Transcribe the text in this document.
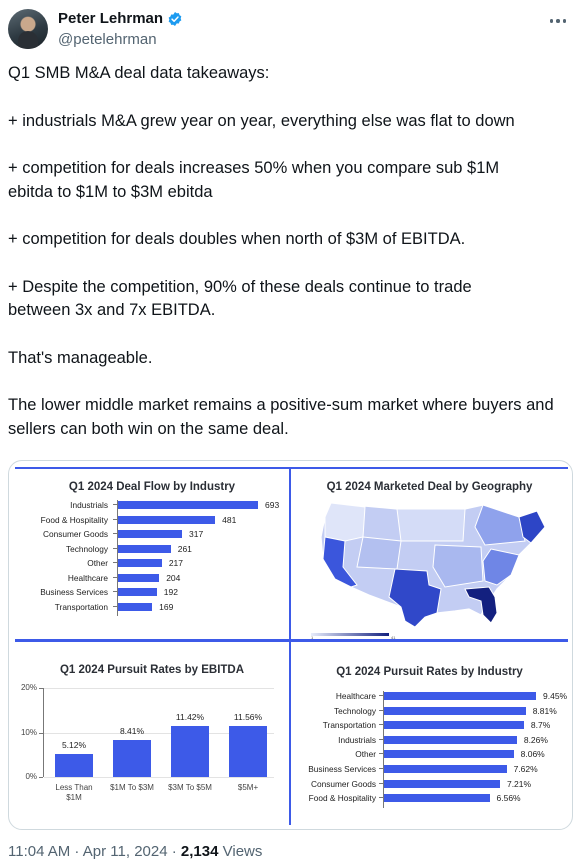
Peter Lehrman
@petelehrman

Q1 SMB M&A deal data takeaways:

+ industrials M&A grew year on year, everything else was flat to down

+ competition for deals increases 50% when you compare sub $1M ebitda to $1M to $3M ebitda

+ competition for deals doubles when north of $3M of EBITDA.

+ Despite the competition, 90% of these deals continue to trade between 3x and 7x EBITDA.

That's manageable.

The lower middle market remains a positive-sum market where buyers and sellers can both win on the same deal.

Q1 2024 Deal Flow by Industry
Industrials	693
Food & Hospitality	481
Consumer Goods	317
Technology	261
Other	217
Healthcare	204
Business Services	192
Transportation	169
Q1 2024 Marketed Deal by Geography
1	41
Q1 2024 Pursuit Rates by EBITDA
20%
10%
0%
5.12%
Less Than $1M
8.41%
$1M To $3M
11.42%
$3M To $5M
11.56%
$5M+
Q1 2024 Pursuit Rates by Industry
Healthcare	9.45%
Technology	8.81%
Transportation	8.7%
Industrials	8.26%
Other	8.06%
Business Services	7.62%
Consumer Goods	7.21%
Food & Hospitality	6.56%
11:04 AM · Apr 11, 2024 · 2,134 Views
